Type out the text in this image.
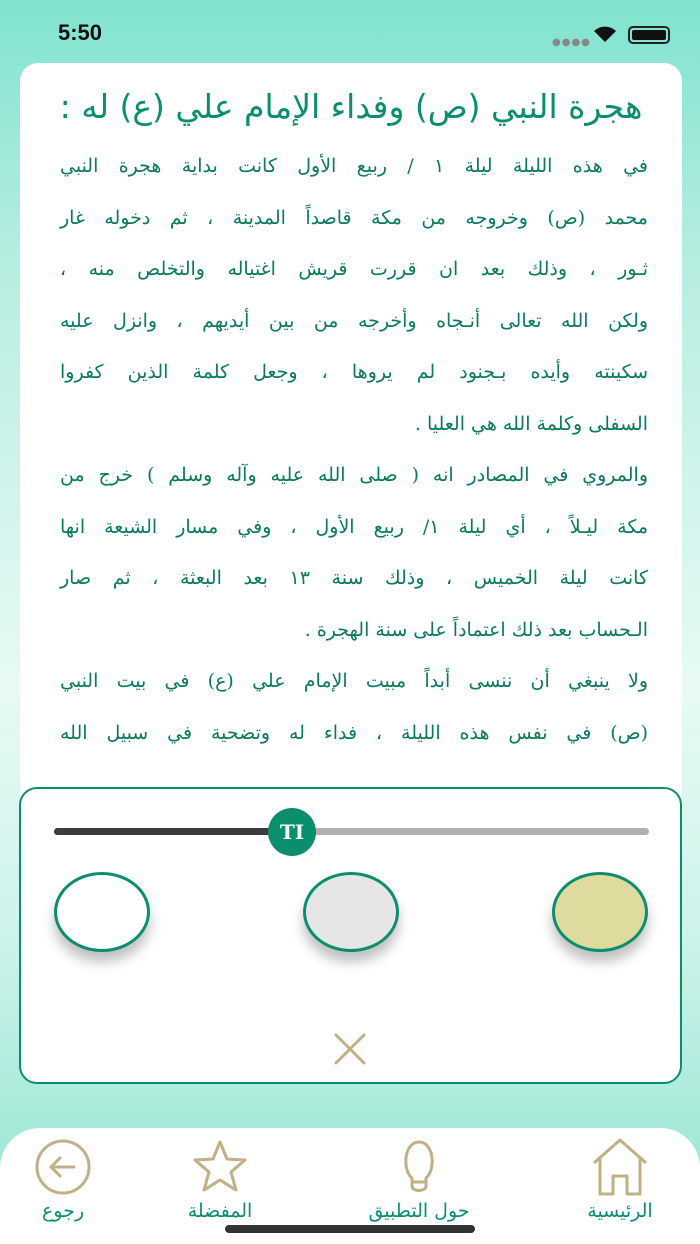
5:50	●●●●
هجرة النبي (ص) وفداء الإمام علي (ع) له :
في هذه الليلة ليلة ١ / ربيع الأول كانت بداية هجرة النبي
محمد (ص) وخروجه من مكة قاصداً المدينة ، ثم دخوله غار
ثـور ، وذلك بعد ان قررت قريش اغتياله والتخلص منه ،
ولكن الله تعالى أنـجاه وأخرجه من بين أيديهم ، وانزل عليه
سكينته وأيده بـجنود لم يروها ، وجعل كلمة الذين كفروا
السفلى وكلمة الله هي العليا .
والمروي في المصادر انه ( صلى الله عليه وآله وسلم ) خرج من
مكة ليـلاً ، أي ليلة ١/ ربيع الأول ، وفي مسار الشيعة انها
كانت ليلة الخميس ، وذلك سنة ١٣ بعد البعثة ، ثم صار
الـحساب بعد ذلك اعتماداً على سنة الهجرة .
ولا ينبغي أن ننسى أبداً مبيت الإمام علي (ع) في بيت النبي
(ص) في نفس هذه الليلة ، فداء له وتضحية في سبيل الله
TI
رجوع	المفضلة	حول التطبيق	الرئيسية
